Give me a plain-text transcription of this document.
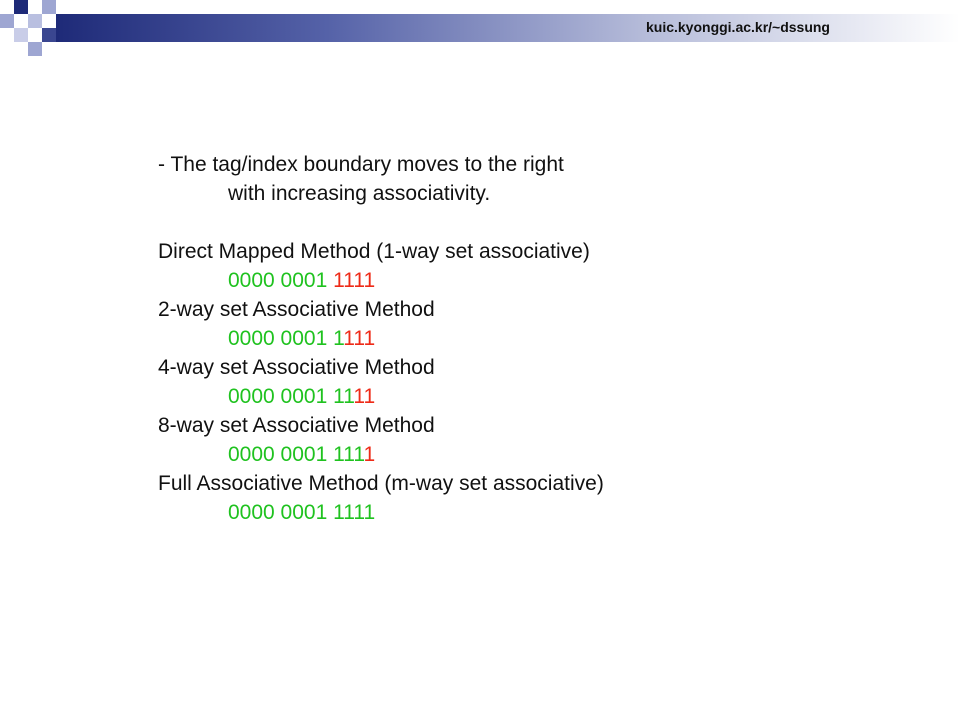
kuic.kyonggi.ac.kr/~dssung
- The tag/index boundary moves to the right
with increasing associativity.
Direct Mapped Method (1-way set associative)
0000 0001 1111
2-way set Associative Method
0000 0001 1111
4-way set Associative Method
0000 0001 1111
8-way set Associative Method
0000 0001 1111
Full Associative Method (m-way set associative)
0000 0001 1111
